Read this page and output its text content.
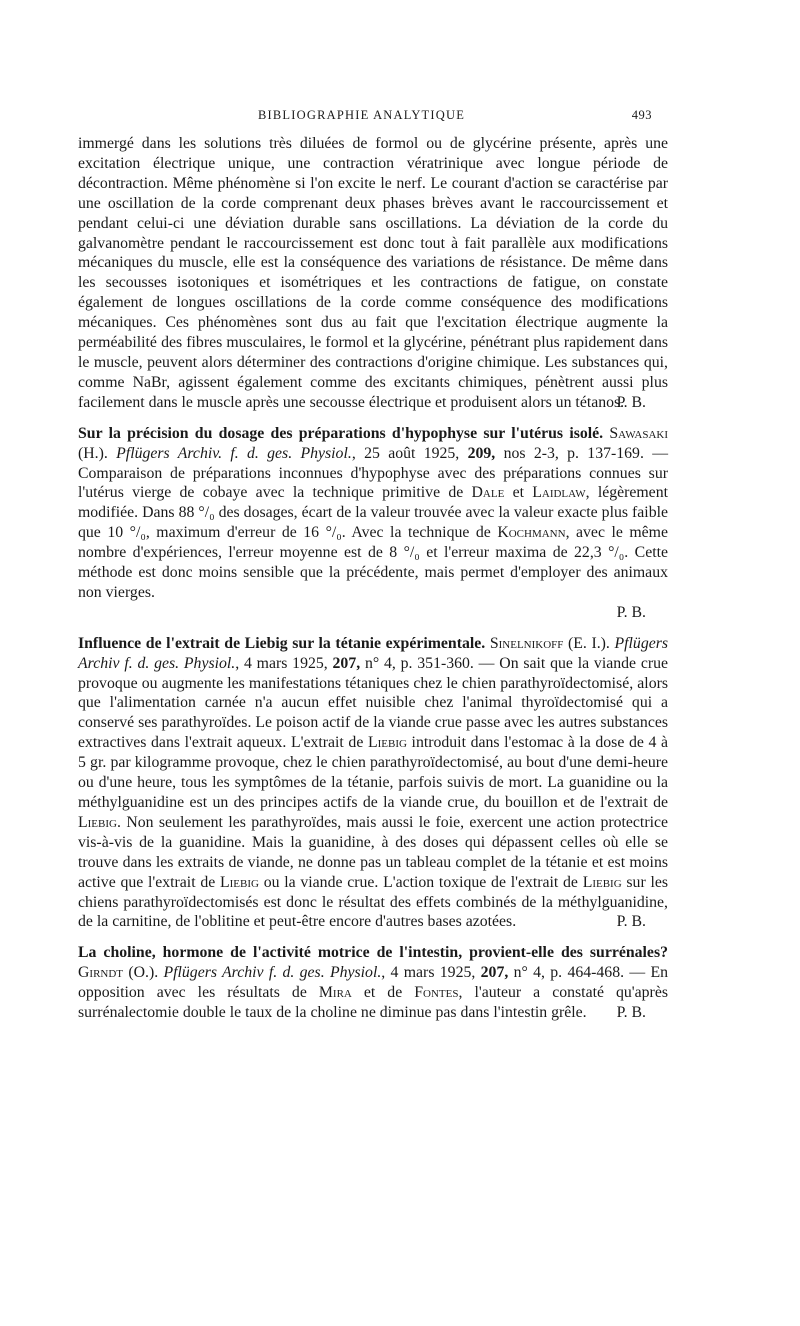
BIBLIOGRAPHIE ANALYTIQUE	493

immergé dans les solutions très diluées de formol ou de glycérine présente, après une excitation électrique unique, une contraction vératrinique avec longue période de décontraction. Même phénomène si l'on excite le nerf. Le courant d'action se caractérise par une oscillation de la corde comprenant deux phases brèves avant le raccourcissement et pendant celui-ci une déviation durable sans oscillations. La déviation de la corde du galvanomètre pendant le raccourcissement est donc tout à fait parallèle aux modifications mécaniques du muscle, elle est la conséquence des variations de résistance. De même dans les secousses isotoniques et isométriques et les contractions de fatigue, on constate également de longues oscillations de la corde comme conséquence des modifications mécaniques. Ces phénomènes sont dus au fait que l'excitation électrique augmente la perméabilité des fibres musculaires, le formol et la glycérine, pénétrant plus rapidement dans le muscle, peuvent alors déterminer des contractions d'origine chimique. Les substances qui, comme NaBr, agissent également comme des excitants chimiques, pénètrent aussi plus facilement dans le muscle après une secousse électrique et produisent alors un tétanos.
P. B.

Sur la précision du dosage des préparations d'hypophyse sur l'utérus isolé. Sawasaki (H.). Pflügers Archiv. f. d. ges. Physiol., 25 août 1925, 209, nos 2-3, p. 137-169. — Comparaison de préparations inconnues d'hypophyse avec des préparations connues sur l'utérus vierge de cobaye avec la technique primitive de Dale et Laidlaw, légèrement modifiée. Dans 88 °/₀ des dosages, écart de la valeur trouvée avec la valeur exacte plus faible que 10 °/₀, maximum d'erreur de 16 °/₀. Avec la technique de Kochmann, avec le même nombre d'expériences, l'erreur moyenne est de 8 °/₀ et l'erreur maxima de 22,3 °/₀. Cette méthode est donc moins sensible que la précédente, mais permet d'employer des animaux non vierges.

P. B.

Influence de l'extrait de Liebig sur la tétanie expérimentale. Sinelnikoff (E. I.). Pflügers Archiv f. d. ges. Physiol., 4 mars 1925, 207, n° 4, p. 351-360. — On sait que la viande crue provoque ou augmente les manifestations tétaniques chez le chien parathyroïdectomisé, alors que l'alimentation carnée n'a aucun effet nuisible chez l'animal thyroïdectomisé qui a conservé ses parathyroïdes. Le poison actif de la viande crue passe avec les autres substances extractives dans l'extrait aqueux. L'extrait de Liebig introduit dans l'estomac à la dose de 4 à 5 gr. par kilogramme provoque, chez le chien parathyroïdectomisé, au bout d'une demi-heure ou d'une heure, tous les symptômes de la tétanie, parfois suivis de mort. La guanidine ou la méthylguanidine est un des principes actifs de la viande crue, du bouillon et de l'extrait de Liebig. Non seulement les parathyroïdes, mais aussi le foie, exercent une action protectrice vis-à-vis de la guanidine. Mais la guanidine, à des doses qui dépassent celles où elle se trouve dans les extraits de viande, ne donne pas un tableau complet de la tétanie et est moins active que l'extrait de Liebig ou la viande crue. L'action toxique de l'extrait de Liebig sur les chiens parathyroïdectomisés est donc le résultat des effets combinés de la méthylguanidine, de la carnitine, de l'oblitine et peut-être encore d'autres bases azotées.	P. B.

La choline, hormone de l'activité motrice de l'intestin, provient-elle des surrénales? Girndt (O.). Pflügers Archiv f. d. ges. Physiol., 4 mars 1925, 207, n° 4, p. 464-468. — En opposition avec les résultats de Mira et de Fontes, l'auteur a constaté qu'après surrénalectomie double le taux de la choline ne diminue pas dans l'intestin grêle.	P. B.
